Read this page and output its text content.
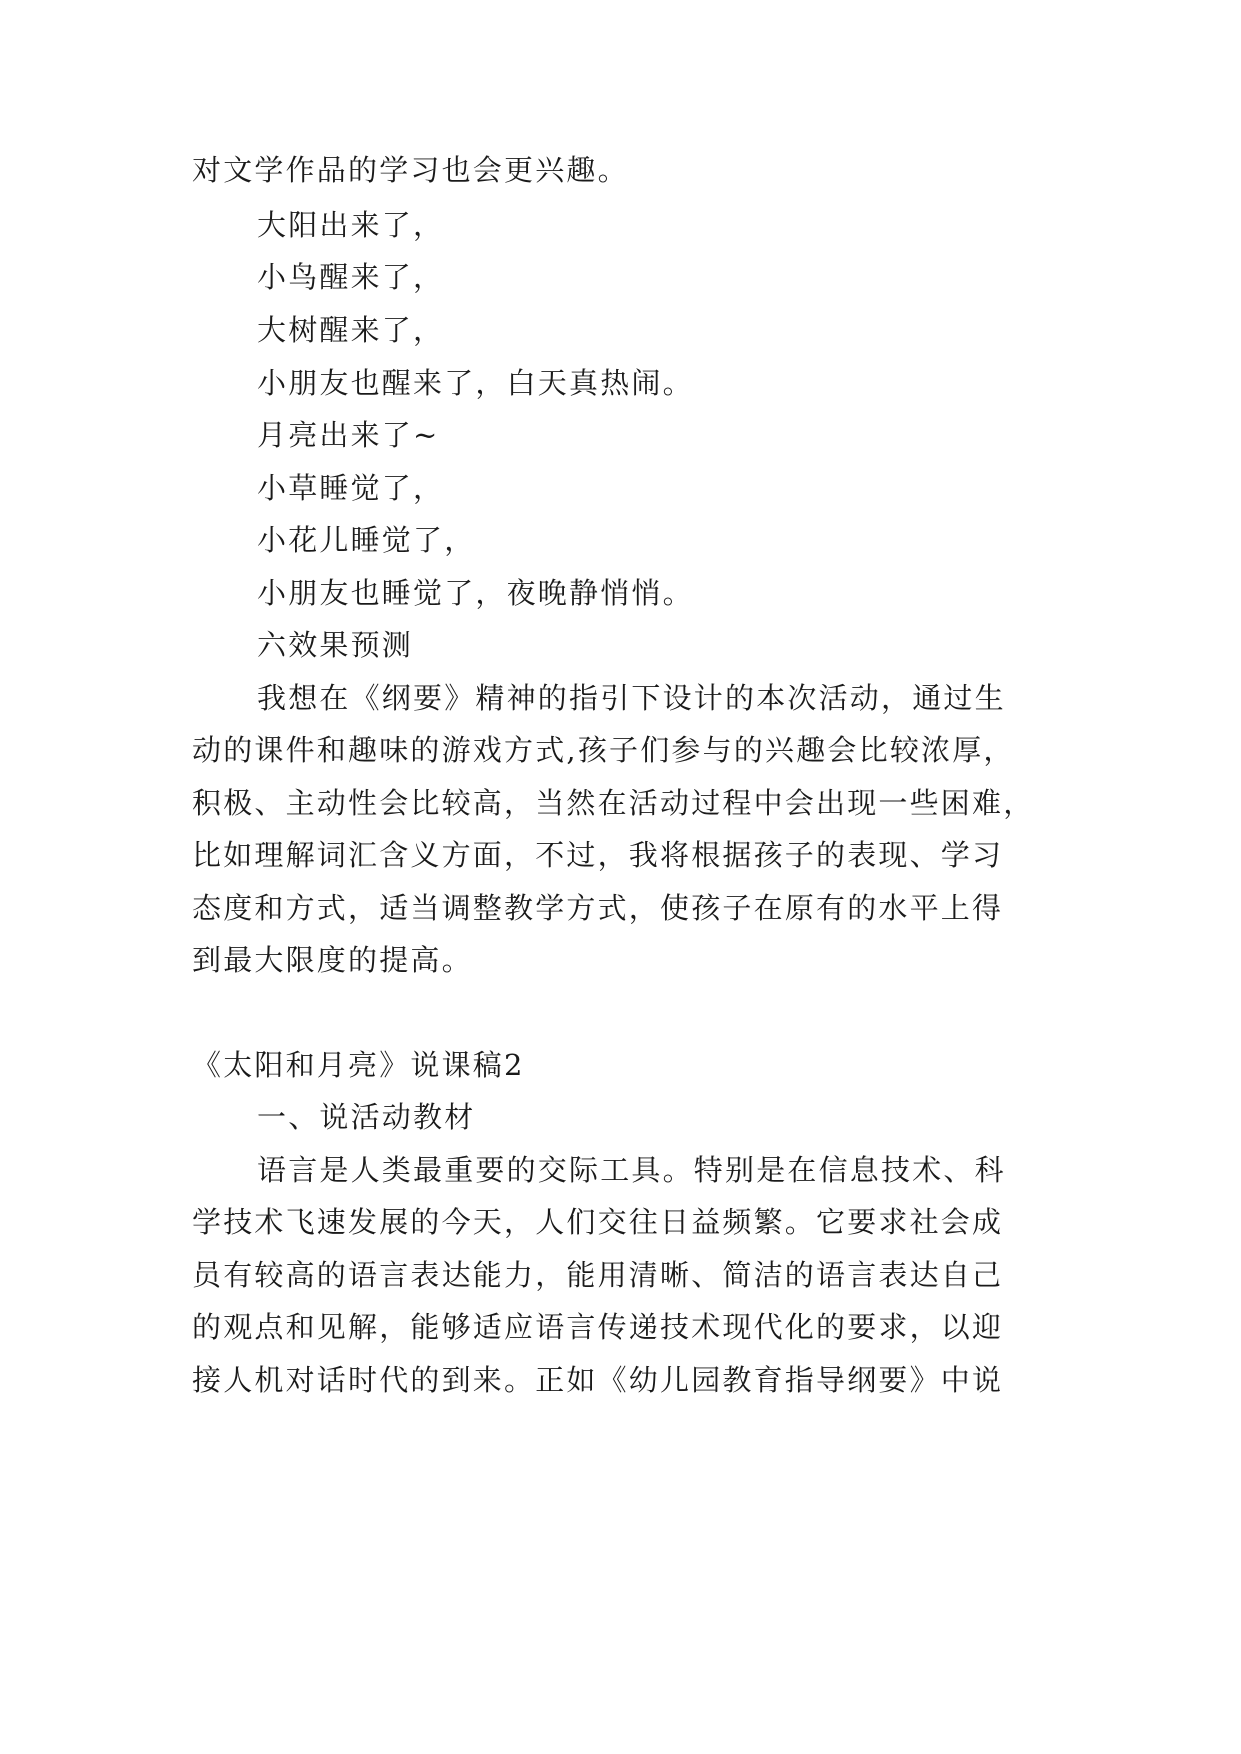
对文学作品的学习也会更兴趣。
大阳出来了，
小鸟醒来了，
大树醒来了，
小朋友也醒来了，白天真热闹。
月亮出来了~
小草睡觉了，
小花儿睡觉了，
小朋友也睡觉了，夜晚静悄悄。
六效果预测
我想在《纲要》精神的指引下设计的本次活动，通过生
动的课件和趣味的游戏方式,孩子们参与的兴趣会比较浓厚，
积极、主动性会比较高，当然在活动过程中会出现一些困难，
比如理解词汇含义方面，不过，我将根据孩子的表现、学习
态度和方式，适当调整教学方式，使孩子在原有的水平上得
到最大限度的提高。
《太阳和月亮》说课稿2
一、说活动教材
语言是人类最重要的交际工具。特别是在信息技术、科
学技术飞速发展的今天，人们交往日益频繁。它要求社会成
员有较高的语言表达能力，能用清晰、简洁的语言表达自己
的观点和见解，能够适应语言传递技术现代化的要求，以迎
接人机对话时代的到来。正如《幼儿园教育指导纲要》中说
